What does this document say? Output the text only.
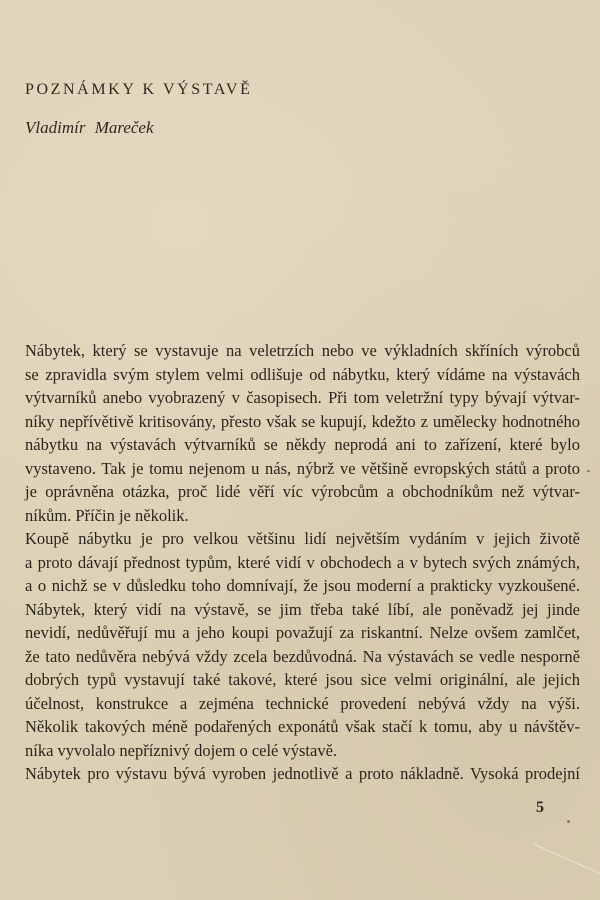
POZNÁMKY K VÝSTAVĚ
Vladimír Mareček
Nábytek, který se vystavuje na veletrzích nebo ve výkladních skříních výrobců
se zpravidla svým stylem velmi odlišuje od nábytku, který vídáme na výstavách
výtvarníků anebo vyobrazený v časopisech. Při tom veletržní typy bývají výtvar-
níky nepřívětivě kritisovány, přesto však se kupují, kdežto z umělecky hodnotného
nábytku na výstavách výtvarníků se někdy neprodá ani to zařízení, které bylo
vystaveno. Tak je tomu nejenom u nás, nýbrž ve většině evropských států a proto
je oprávněna otázka, proč lidé věří víc výrobcům a obchodníkům než výtvar-
níkům. Příčin je několik.
Koupě nábytku je pro velkou většinu lidí největším vydáním v jejich životě
a proto dávají přednost typům, které vidí v obchodech a v bytech svých známých,
a o nichž se v důsledku toho domnívají, že jsou moderní a prakticky vyzkoušené.
Nábytek, který vidí na výstavě, se jim třeba také líbí, ale poněvadž jej jinde
nevidí, nedůvěřují mu a jeho koupi považují za riskantní. Nelze ovšem zamlčet,
že tato nedůvěra nebývá vždy zcela bezdůvodná. Na výstavách se vedle nesporně
dobrých typů vystavují také takové, které jsou sice velmi originální, ale jejich
účelnost, konstrukce a zejména technické provedení nebývá vždy na výši.
Několik takových méně podařených exponátů však stačí k tomu, aby u návštěv-
níka vyvolalo nepříznivý dojem o celé výstavě.
Nábytek pro výstavu bývá vyroben jednotlivě a proto nákladně. Vysoká prodejní
5
